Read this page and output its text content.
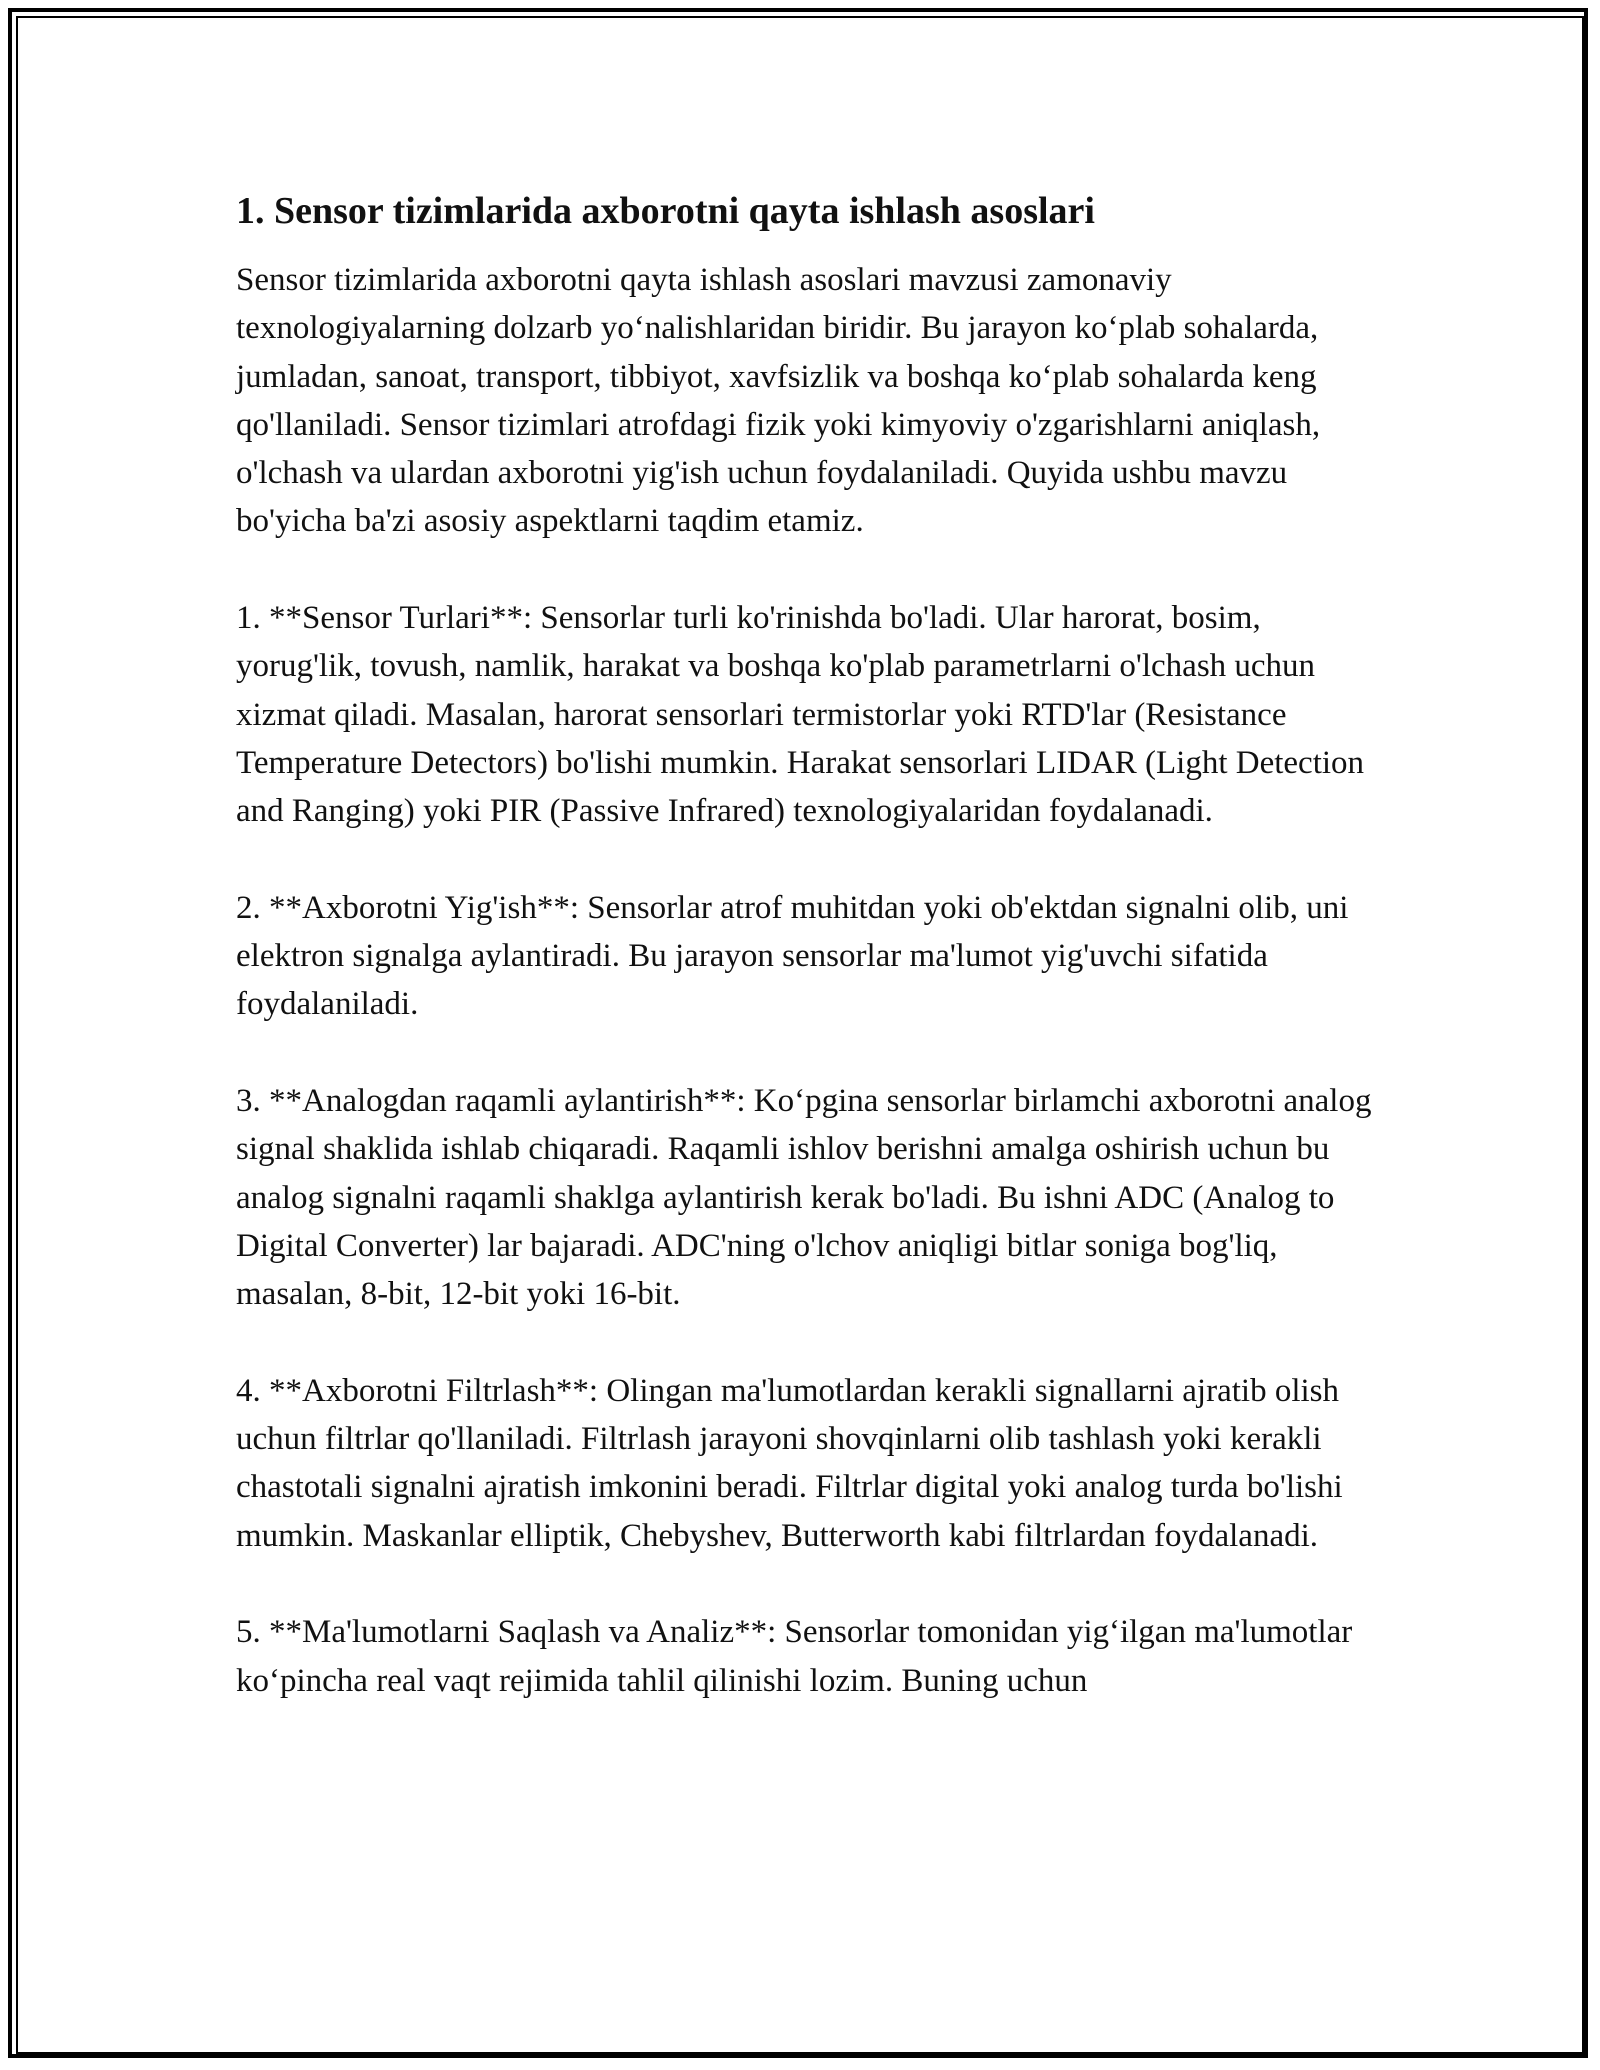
1. Sensor tizimlarida axborotni qayta ishlash asoslari

Sensor tizimlarida axborotni qayta ishlash asoslari mavzusi zamonaviy texnologiyalarning dolzarb yo‘nalishlaridan biridir. Bu jarayon ko‘plab sohalarda, jumladan, sanoat, transport, tibbiyot, xavfsizlik va boshqa ko‘plab sohalarda keng qo'llaniladi. Sensor tizimlari atrofdagi fizik yoki kimyoviy o'zgarishlarni aniqlash, o'lchash va ulardan axborotni yig'ish uchun foydalaniladi. Quyida ushbu mavzu bo'yicha ba'zi asosiy aspektlarni taqdim etamiz.

1. **Sensor Turlari**: Sensorlar turli ko'rinishda bo'ladi. Ular harorat, bosim, yorug'lik, tovush, namlik, harakat va boshqa ko'plab parametrlarni o'lchash uchun xizmat qiladi. Masalan, harorat sensorlari termistorlar yoki RTD'lar (Resistance Temperature Detectors) bo'lishi mumkin. Harakat sensorlari LIDAR (Light Detection and Ranging) yoki PIR (Passive Infrared) texnologiyalaridan foydalanadi.

2. **Axborotni Yig'ish**: Sensorlar atrof muhitdan yoki ob'ektdan signalni olib, uni elektron signalga aylantiradi. Bu jarayon sensorlar ma'lumot yig'uvchi sifatida foydalaniladi.

3. **Analogdan raqamli aylantirish**: Ko‘pgina sensorlar birlamchi axborotni analog signal shaklida ishlab chiqaradi. Raqamli ishlov berishni amalga oshirish uchun bu analog signalni raqamli shaklga aylantirish kerak bo'ladi. Bu ishni ADC (Analog to Digital Converter) lar bajaradi. ADC'ning o'lchov aniqligi bitlar soniga bog'liq, masalan, 8-bit, 12-bit yoki 16-bit.

4. **Axborotni Filtrlash**: Olingan ma'lumotlardan kerakli signallarni ajratib olish uchun filtrlar qo'llaniladi. Filtrlash jarayoni shovqinlarni olib tashlash yoki kerakli chastotali signalni ajratish imkonini beradi. Filtrlar digital yoki analog turda bo'lishi mumkin. Maskanlar elliptik, Chebyshev, Butterworth kabi filtrlardan foydalanadi.

5. **Ma'lumotlarni Saqlash va Analiz**: Sensorlar tomonidan yig‘ilgan ma'lumotlar ko‘pincha real vaqt rejimida tahlil qilinishi lozim. Buning uchun
